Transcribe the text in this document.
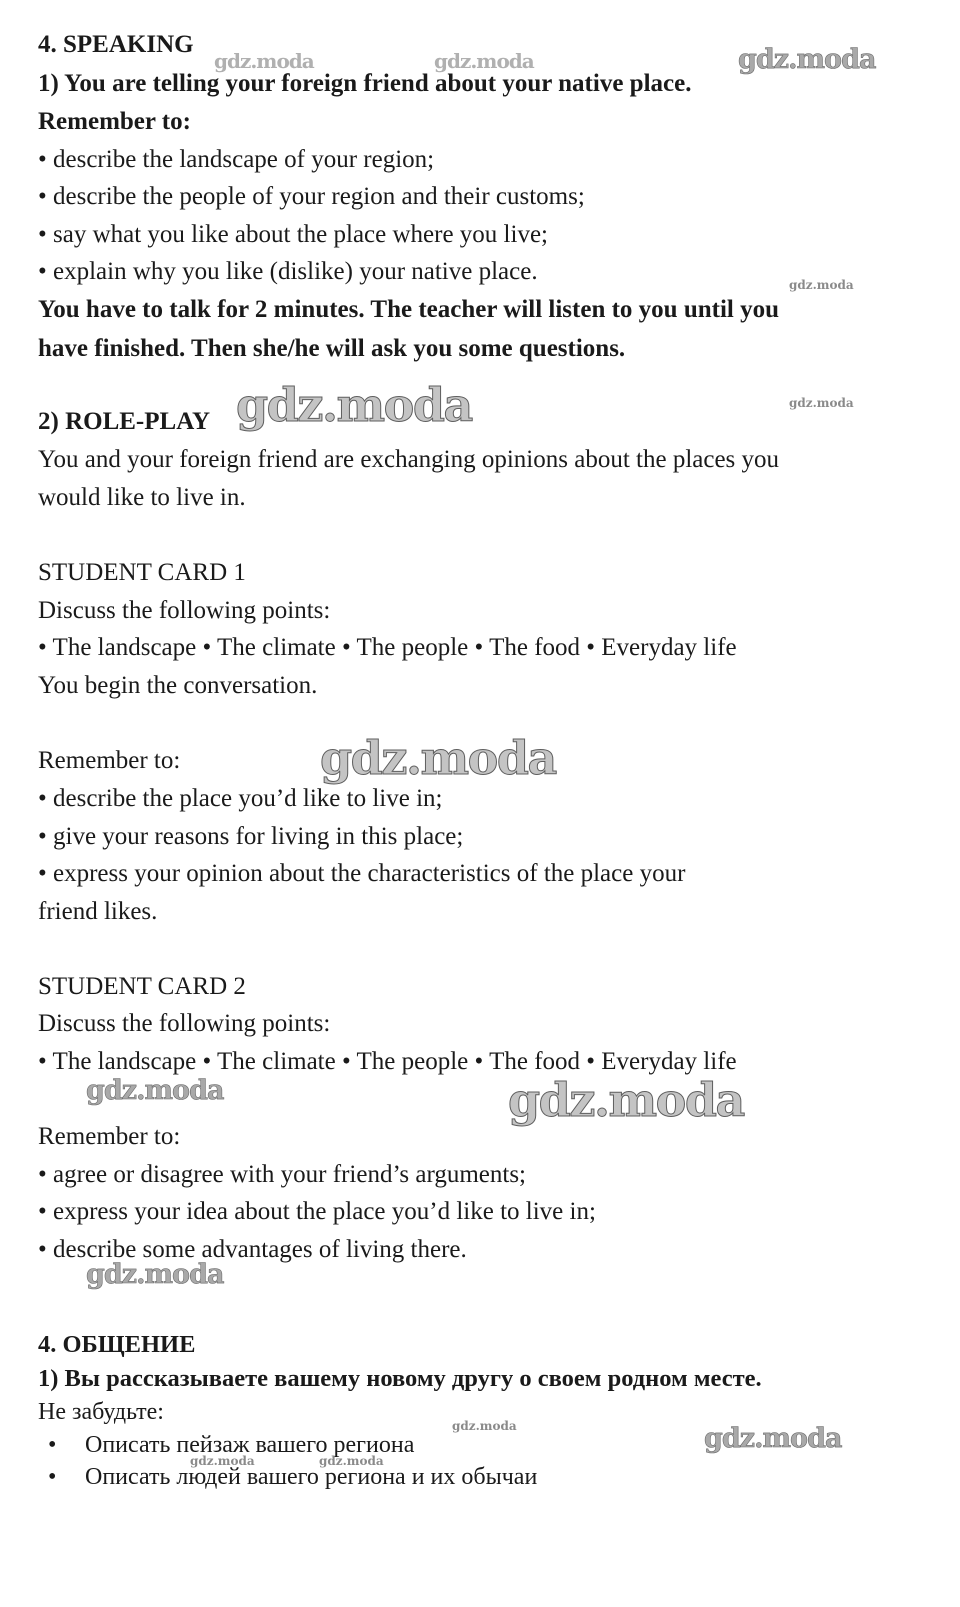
4. SPEAKING
1) You are telling your foreign friend about your native place.
Remember to:
• describe the landscape of your region;
• describe the people of your region and their customs;
• say what you like about the place where you live;
• explain why you like (dislike) your native place.
You have to talk for 2 minutes. The teacher will listen to you until you
have finished. Then she/he will ask you some questions.
2) ROLE-PLAY
You and your foreign friend are exchanging opinions about the places you
would like to live in.
STUDENT CARD 1
Discuss the following points:
• The landscape • The climate • The people • The food • Everyday life
You begin the conversation.
Remember to:
• describe the place you’d like to live in;
• give your reasons for living in this place;
• express your opinion about the characteristics of the place your
friend likes.
STUDENT CARD 2
Discuss the following points:
• The landscape • The climate • The people • The food • Everyday life
Remember to:
• agree or disagree with your friend’s arguments;
• express your idea about the place you’d like to live in;
• describe some advantages of living there.
4. ОБЩЕНИЕ
1) Вы рассказываете вашему новому другу о своем родном месте.
Не забудьте:
• Описать пейзаж вашего региона
• Описать людей вашего региона и их обычаи
gdz.moda	gdz.moda	gdz.moda
gdz.moda
gdz.moda	gdz.moda
gdz.moda
gdz.moda	gdz.moda
gdz.moda
gdz.moda	gdz.moda
gdz.moda	gdz.moda
